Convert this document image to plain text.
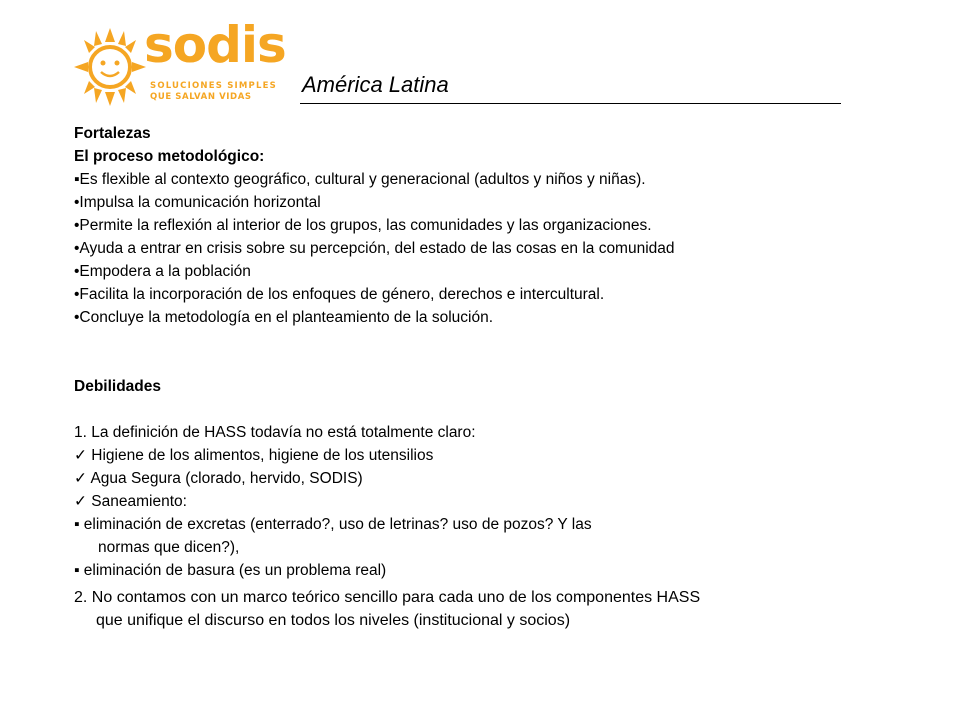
sodis
SOLUCIONES SIMPLES
QUE SALVAN VIDAS América Latina
Fortalezas
El proceso metodológico:
▪Es flexible al contexto geográfico, cultural y generacional (adultos y niños y niñas).
•Impulsa la comunicación horizontal
•Permite la reflexión al interior de los grupos, las comunidades y las organizaciones.
•Ayuda a entrar en crisis sobre su percepción, del estado de las cosas en la comunidad
•Empodera a la población
•Facilita la incorporación de los enfoques de género, derechos e intercultural.
•Concluye la metodología en el planteamiento de la solución.
Debilidades
1. La definición de HASS todavía no está totalmente claro:
✓ Higiene de los alimentos, higiene de los utensilios
✓ Agua Segura (clorado, hervido, SODIS)
✓ Saneamiento:
▪ eliminación de excretas (enterrado?, uso de letrinas? uso de pozos? Y las
normas que dicen?),
▪ eliminación de basura (es un problema real)
2. No contamos con un marco teórico sencillo para cada uno de los componentes HASS
que unifique el discurso en todos los niveles (institucional y socios)
